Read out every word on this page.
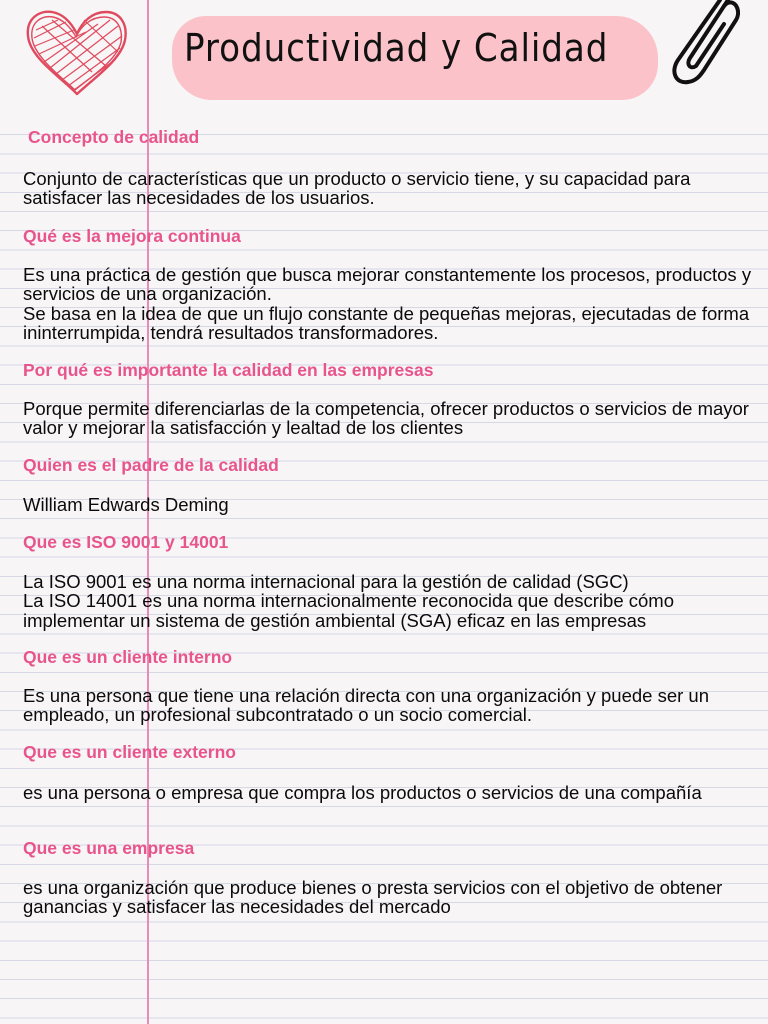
Productividad y Calidad
Concepto de calidad
Conjunto de características que un producto o servicio tiene, y su capacidad para satisfacer las necesidades de los usuarios.
Qué es la mejora continua
Es una práctica de gestión que busca mejorar constantemente los procesos, productos y servicios de una organización.
Se basa en la idea de que un flujo constante de pequeñas mejoras, ejecutadas de forma ininterrumpida, tendrá resultados transformadores.
Por qué es importante la calidad en las empresas
Porque permite diferenciarlas de la competencia, ofrecer productos o servicios de mayor valor y mejorar la satisfacción y lealtad de los clientes
Quien es el padre de la calidad
William Edwards Deming
Que es ISO 9001 y 14001
La ISO 9001 es una norma internacional para la gestión de calidad (SGC)
La ISO 14001 es una norma internacionalmente reconocida que describe cómo implementar un sistema de gestión ambiental (SGA) eficaz en las empresas
Que es un cliente interno
Es una persona que tiene una relación directa con una organización y puede ser un empleado, un profesional subcontratado o un socio comercial.
Que es un cliente externo
es una persona o empresa que compra los productos o servicios de una compañía
Que es una empresa
es una organización que produce bienes o presta servicios con el objetivo de obtener ganancias y satisfacer las necesidades del mercado
